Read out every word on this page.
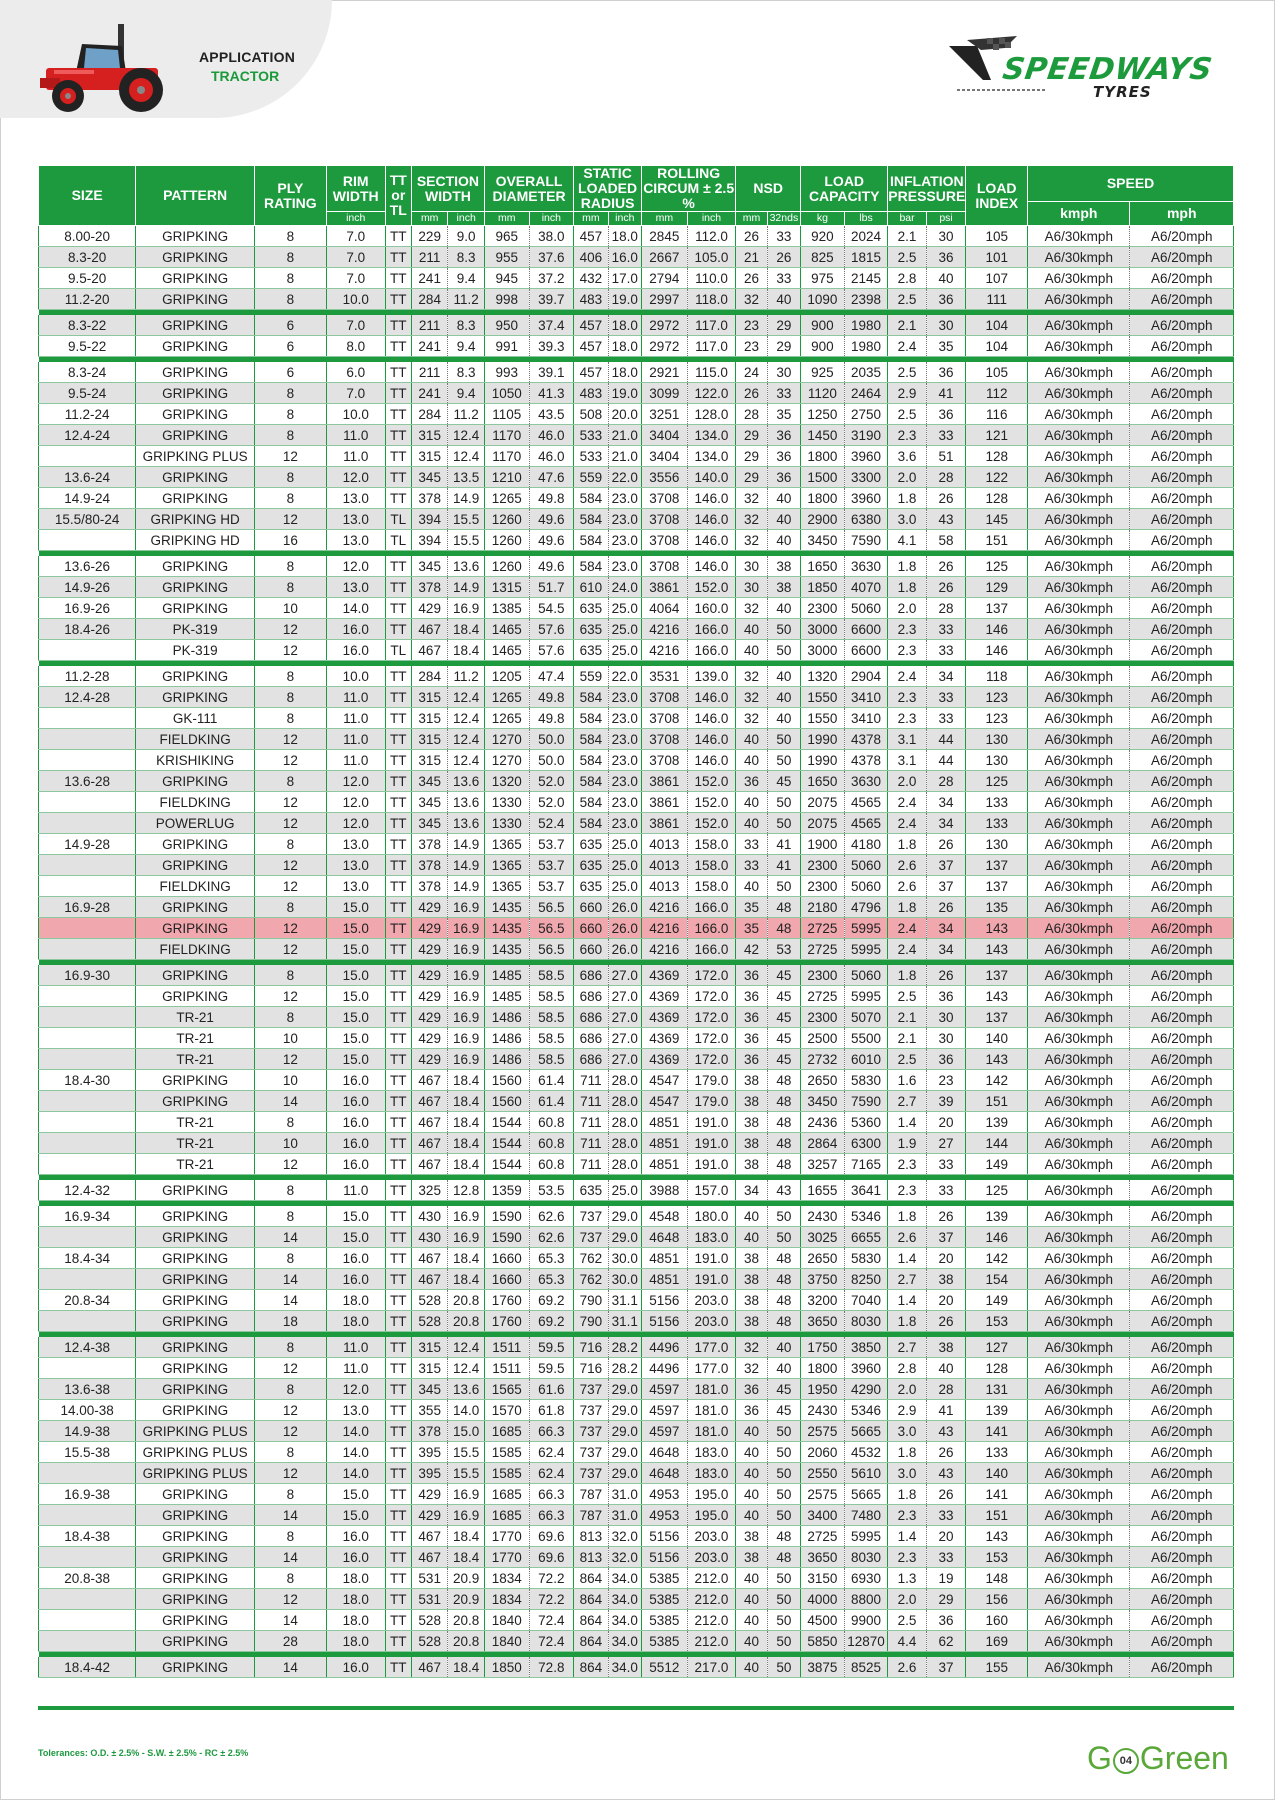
APPLICATION
TRACTOR	SPEEDWAYS
TYRES
SIZE	PATTERN	PLY RATING	RIM WIDTH	TT or TL	SECTION WIDTH		OVERALL DIAMETER		STATIC LOADED RADIUS		ROLLING CIRCUM ± 2.5 %		NSD		LOAD CAPACITY		INFLATION PRESSURE		LOAD INDEX	SPEED	
																				kmph	mph
			inch		mm	inch	mm	inch	mm	inch	mm	inch	mm	32nds	kg	lbs	bar	psi			
8.00-20	GRIPKING	8	7.0	TT	229	9.0	965	38.0	457	18.0	2845	112.0	26	33	920	2024	2.1	30	105	A6/30kmph	A6/20mph
8.3-20	GRIPKING	8	7.0	TT	211	8.3	955	37.6	406	16.0	2667	105.0	21	26	825	1815	2.5	36	101	A6/30kmph	A6/20mph
9.5-20	GRIPKING	8	7.0	TT	241	9.4	945	37.2	432	17.0	2794	110.0	26	33	975	2145	2.8	40	107	A6/30kmph	A6/20mph
11.2-20	GRIPKING	8	10.0	TT	284	11.2	998	39.7	483	19.0	2997	118.0	32	40	1090	2398	2.5	36	111	A6/30kmph	A6/20mph

8.3-22	GRIPKING	6	7.0	TT	211	8.3	950	37.4	457	18.0	2972	117.0	23	29	900	1980	2.1	30	104	A6/30kmph	A6/20mph
9.5-22	GRIPKING	6	8.0	TT	241	9.4	991	39.3	457	18.0	2972	117.0	23	29	900	1980	2.4	35	104	A6/30kmph	A6/20mph

8.3-24	GRIPKING	6	6.0	TT	211	8.3	993	39.1	457	18.0	2921	115.0	24	30	925	2035	2.5	36	105	A6/30kmph	A6/20mph
9.5-24	GRIPKING	8	7.0	TT	241	9.4	1050	41.3	483	19.0	3099	122.0	26	33	1120	2464	2.9	41	112	A6/30kmph	A6/20mph
11.2-24	GRIPKING	8	10.0	TT	284	11.2	1105	43.5	508	20.0	3251	128.0	28	35	1250	2750	2.5	36	116	A6/30kmph	A6/20mph
12.4-24	GRIPKING	8	11.0	TT	315	12.4	1170	46.0	533	21.0	3404	134.0	29	36	1450	3190	2.3	33	121	A6/30kmph	A6/20mph
	GRIPKING PLUS	12	11.0	TT	315	12.4	1170	46.0	533	21.0	3404	134.0	29	36	1800	3960	3.6	51	128	A6/30kmph	A6/20mph
13.6-24	GRIPKING	8	12.0	TT	345	13.5	1210	47.6	559	22.0	3556	140.0	29	36	1500	3300	2.0	28	122	A6/30kmph	A6/20mph
14.9-24	GRIPKING	8	13.0	TT	378	14.9	1265	49.8	584	23.0	3708	146.0	32	40	1800	3960	1.8	26	128	A6/30kmph	A6/20mph
15.5/80-24	GRIPKING HD	12	13.0	TL	394	15.5	1260	49.6	584	23.0	3708	146.0	32	40	2900	6380	3.0	43	145	A6/30kmph	A6/20mph
	GRIPKING HD	16	13.0	TL	394	15.5	1260	49.6	584	23.0	3708	146.0	32	40	3450	7590	4.1	58	151	A6/30kmph	A6/20mph

13.6-26	GRIPKING	8	12.0	TT	345	13.6	1260	49.6	584	23.0	3708	146.0	30	38	1650	3630	1.8	26	125	A6/30kmph	A6/20mph
14.9-26	GRIPKING	8	13.0	TT	378	14.9	1315	51.7	610	24.0	3861	152.0	30	38	1850	4070	1.8	26	129	A6/30kmph	A6/20mph
16.9-26	GRIPKING	10	14.0	TT	429	16.9	1385	54.5	635	25.0	4064	160.0	32	40	2300	5060	2.0	28	137	A6/30kmph	A6/20mph
18.4-26	PK-319	12	16.0	TT	467	18.4	1465	57.6	635	25.0	4216	166.0	40	50	3000	6600	2.3	33	146	A6/30kmph	A6/20mph
	PK-319	12	16.0	TL	467	18.4	1465	57.6	635	25.0	4216	166.0	40	50	3000	6600	2.3	33	146	A6/30kmph	A6/20mph

11.2-28	GRIPKING	8	10.0	TT	284	11.2	1205	47.4	559	22.0	3531	139.0	32	40	1320	2904	2.4	34	118	A6/30kmph	A6/20mph
12.4-28	GRIPKING	8	11.0	TT	315	12.4	1265	49.8	584	23.0	3708	146.0	32	40	1550	3410	2.3	33	123	A6/30kmph	A6/20mph
	GK-111	8	11.0	TT	315	12.4	1265	49.8	584	23.0	3708	146.0	32	40	1550	3410	2.3	33	123	A6/30kmph	A6/20mph
	FIELDKING	12	11.0	TT	315	12.4	1270	50.0	584	23.0	3708	146.0	40	50	1990	4378	3.1	44	130	A6/30kmph	A6/20mph
	KRISHIKING	12	11.0	TT	315	12.4	1270	50.0	584	23.0	3708	146.0	40	50	1990	4378	3.1	44	130	A6/30kmph	A6/20mph
13.6-28	GRIPKING	8	12.0	TT	345	13.6	1320	52.0	584	23.0	3861	152.0	36	45	1650	3630	2.0	28	125	A6/30kmph	A6/20mph
	FIELDKING	12	12.0	TT	345	13.6	1330	52.0	584	23.0	3861	152.0	40	50	2075	4565	2.4	34	133	A6/30kmph	A6/20mph
	POWERLUG	12	12.0	TT	345	13.6	1330	52.4	584	23.0	3861	152.0	40	50	2075	4565	2.4	34	133	A6/30kmph	A6/20mph
14.9-28	GRIPKING	8	13.0	TT	378	14.9	1365	53.7	635	25.0	4013	158.0	33	41	1900	4180	1.8	26	130	A6/30kmph	A6/20mph
	GRIPKING	12	13.0	TT	378	14.9	1365	53.7	635	25.0	4013	158.0	33	41	2300	5060	2.6	37	137	A6/30kmph	A6/20mph
	FIELDKING	12	13.0	TT	378	14.9	1365	53.7	635	25.0	4013	158.0	40	50	2300	5060	2.6	37	137	A6/30kmph	A6/20mph
16.9-28	GRIPKING	8	15.0	TT	429	16.9	1435	56.5	660	26.0	4216	166.0	35	48	2180	4796	1.8	26	135	A6/30kmph	A6/20mph
	GRIPKING	12	15.0	TT	429	16.9	1435	56.5	660	26.0	4216	166.0	35	48	2725	5995	2.4	34	143	A6/30kmph	A6/20mph
	FIELDKING	12	15.0	TT	429	16.9	1435	56.5	660	26.0	4216	166.0	42	53	2725	5995	2.4	34	143	A6/30kmph	A6/20mph

16.9-30	GRIPKING	8	15.0	TT	429	16.9	1485	58.5	686	27.0	4369	172.0	36	45	2300	5060	1.8	26	137	A6/30kmph	A6/20mph
	GRIPKING	12	15.0	TT	429	16.9	1485	58.5	686	27.0	4369	172.0	36	45	2725	5995	2.5	36	143	A6/30kmph	A6/20mph
	TR-21	8	15.0	TT	429	16.9	1486	58.5	686	27.0	4369	172.0	36	45	2300	5070	2.1	30	137	A6/30kmph	A6/20mph
	TR-21	10	15.0	TT	429	16.9	1486	58.5	686	27.0	4369	172.0	36	45	2500	5500	2.1	30	140	A6/30kmph	A6/20mph
	TR-21	12	15.0	TT	429	16.9	1486	58.5	686	27.0	4369	172.0	36	45	2732	6010	2.5	36	143	A6/30kmph	A6/20mph
18.4-30	GRIPKING	10	16.0	TT	467	18.4	1560	61.4	711	28.0	4547	179.0	38	48	2650	5830	1.6	23	142	A6/30kmph	A6/20mph
	GRIPKING	14	16.0	TT	467	18.4	1560	61.4	711	28.0	4547	179.0	38	48	3450	7590	2.7	39	151	A6/30kmph	A6/20mph
	TR-21	8	16.0	TT	467	18.4	1544	60.8	711	28.0	4851	191.0	38	48	2436	5360	1.4	20	139	A6/30kmph	A6/20mph
	TR-21	10	16.0	TT	467	18.4	1544	60.8	711	28.0	4851	191.0	38	48	2864	6300	1.9	27	144	A6/30kmph	A6/20mph
	TR-21	12	16.0	TT	467	18.4	1544	60.8	711	28.0	4851	191.0	38	48	3257	7165	2.3	33	149	A6/30kmph	A6/20mph

12.4-32	GRIPKING	8	11.0	TT	325	12.8	1359	53.5	635	25.0	3988	157.0	34	43	1655	3641	2.3	33	125	A6/30kmph	A6/20mph

16.9-34	GRIPKING	8	15.0	TT	430	16.9	1590	62.6	737	29.0	4548	180.0	40	50	2430	5346	1.8	26	139	A6/30kmph	A6/20mph
	GRIPKING	14	15.0	TT	430	16.9	1590	62.6	737	29.0	4648	183.0	40	50	3025	6655	2.6	37	146	A6/30kmph	A6/20mph
18.4-34	GRIPKING	8	16.0	TT	467	18.4	1660	65.3	762	30.0	4851	191.0	38	48	2650	5830	1.4	20	142	A6/30kmph	A6/20mph
	GRIPKING	14	16.0	TT	467	18.4	1660	65.3	762	30.0	4851	191.0	38	48	3750	8250	2.7	38	154	A6/30kmph	A6/20mph
20.8-34	GRIPKING	14	18.0	TT	528	20.8	1760	69.2	790	31.1	5156	203.0	38	48	3200	7040	1.4	20	149	A6/30kmph	A6/20mph
	GRIPKING	18	18.0	TT	528	20.8	1760	69.2	790	31.1	5156	203.0	38	48	3650	8030	1.8	26	153	A6/30kmph	A6/20mph

12.4-38	GRIPKING	8	11.0	TT	315	12.4	1511	59.5	716	28.2	4496	177.0	32	40	1750	3850	2.7	38	127	A6/30kmph	A6/20mph
	GRIPKING	12	11.0	TT	315	12.4	1511	59.5	716	28.2	4496	177.0	32	40	1800	3960	2.8	40	128	A6/30kmph	A6/20mph
13.6-38	GRIPKING	8	12.0	TT	345	13.6	1565	61.6	737	29.0	4597	181.0	36	45	1950	4290	2.0	28	131	A6/30kmph	A6/20mph
14.00-38	GRIPKING	12	13.0	TT	355	14.0	1570	61.8	737	29.0	4597	181.0	36	45	2430	5346	2.9	41	139	A6/30kmph	A6/20mph
14.9-38	GRIPKING PLUS	12	14.0	TT	378	15.0	1685	66.3	737	29.0	4597	181.0	40	50	2575	5665	3.0	43	141	A6/30kmph	A6/20mph
15.5-38	GRIPKING PLUS	8	14.0	TT	395	15.5	1585	62.4	737	29.0	4648	183.0	40	50	2060	4532	1.8	26	133	A6/30kmph	A6/20mph
	GRIPKING PLUS	12	14.0	TT	395	15.5	1585	62.4	737	29.0	4648	183.0	40	50	2550	5610	3.0	43	140	A6/30kmph	A6/20mph
16.9-38	GRIPKING	8	15.0	TT	429	16.9	1685	66.3	787	31.0	4953	195.0	40	50	2575	5665	1.8	26	141	A6/30kmph	A6/20mph
	GRIPKING	14	15.0	TT	429	16.9	1685	66.3	787	31.0	4953	195.0	40	50	3400	7480	2.3	33	151	A6/30kmph	A6/20mph
18.4-38	GRIPKING	8	16.0	TT	467	18.4	1770	69.6	813	32.0	5156	203.0	38	48	2725	5995	1.4	20	143	A6/30kmph	A6/20mph
	GRIPKING	14	16.0	TT	467	18.4	1770	69.6	813	32.0	5156	203.0	38	48	3650	8030	2.3	33	153	A6/30kmph	A6/20mph
20.8-38	GRIPKING	8	18.0	TT	531	20.9	1834	72.2	864	34.0	5385	212.0	40	50	3150	6930	1.3	19	148	A6/30kmph	A6/20mph
	GRIPKING	12	18.0	TT	531	20.9	1834	72.2	864	34.0	5385	212.0	40	50	4000	8800	2.0	29	156	A6/30kmph	A6/20mph
	GRIPKING	14	18.0	TT	528	20.8	1840	72.4	864	34.0	5385	212.0	40	50	4500	9900	2.5	36	160	A6/30kmph	A6/20mph
	GRIPKING	28	18.0	TT	528	20.8	1840	72.4	864	34.0	5385	212.0	40	50	5850	12870	4.4	62	169	A6/30kmph	A6/20mph

18.4-42	GRIPKING	14	16.0	TT	467	18.4	1850	72.8	864	34.0	5512	217.0	40	50	3875	8525	2.6	37	155	A6/30kmph	A6/20mph
Tolerances: O.D. ± 2.5% - S.W. ± 2.5% - RC ± 2.5%	G 04 Green
